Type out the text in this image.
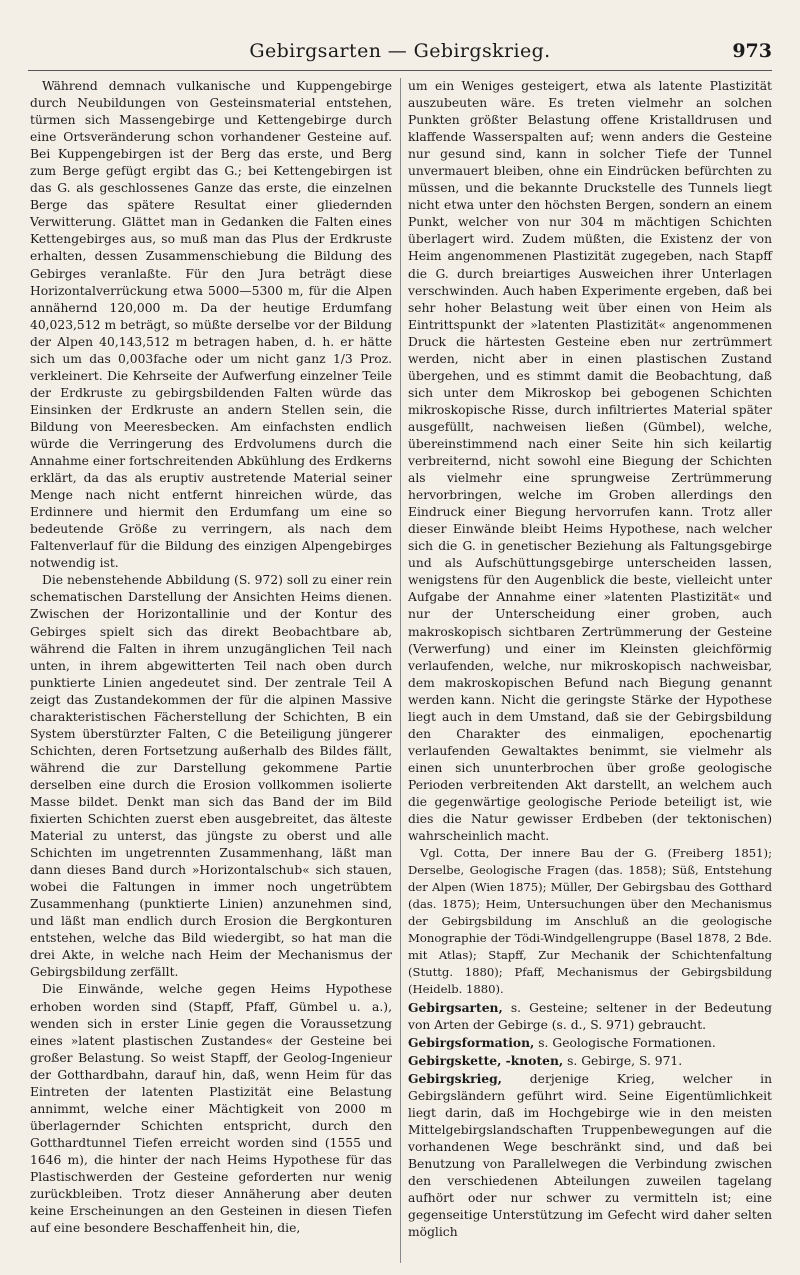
Gebirgsarten — Gebirgskrieg.	973

Während demnach vulkanische und Kuppengebirge durch Neubildungen von Gesteinsmaterial entstehen, türmen sich Massengebirge und Kettengebirge durch eine Ortsveränderung schon vorhandener Gesteine auf. Bei Kuppengebirgen ist der Berg das erste, und Berg zum Berge gefügt ergibt das G.; bei Kettengebirgen ist das G. als geschlossenes Ganze das erste, die einzelnen Berge das spätere Resultat einer gliedernden Verwitterung. Glättet man in Gedanken die Falten eines Kettengebirges aus, so muß man das Plus der Erdkruste erhalten, dessen Zusammenschiebung die Bildung des Gebirges veranlaßte. Für den Jura beträgt diese Horizontalverrückung etwa 5000—5300 m, für die Alpen annähernd 120,000 m. Da der heutige Erdumfang 40,023,512 m beträgt, so müßte derselbe vor der Bildung der Alpen 40,143,512 m betragen haben, d. h. er hätte sich um das 0,003fache oder um nicht ganz 1/3 Proz. verkleinert. Die Kehrseite der Aufwerfung einzelner Teile der Erdkruste zu gebirgsbildenden Falten würde das Einsinken der Erdkruste an andern Stellen sein, die Bildung von Meeresbecken. Am einfachsten endlich würde die Verringerung des Erdvolumens durch die Annahme einer fortschreitenden Abkühlung des Erdkerns erklärt, da das als eruptiv austretende Material seiner Menge nach nicht entfernt hinreichen würde, das Erdinnere und hiermit den Erdumfang um eine so bedeutende Größe zu verringern, als nach dem Faltenverlauf für die Bildung des einzigen Alpengebirges notwendig ist.

Die nebenstehende Abbildung (S. 972) soll zu einer rein schematischen Darstellung der Ansichten Heims dienen. Zwischen der Horizontallinie und der Kontur des Gebirges spielt sich das direkt Beobachtbare ab, während die Falten in ihrem unzugänglichen Teil nach unten, in ihrem abgewitterten Teil nach oben durch punktierte Linien angedeutet sind. Der zentrale Teil A zeigt das Zustandekommen der für die alpinen Massive charakteristischen Fächerstellung der Schichten, B ein System überstürzter Falten, C die Beteiligung jüngerer Schichten, deren Fortsetzung außerhalb des Bildes fällt, während die zur Darstellung gekommene Partie derselben eine durch die Erosion vollkommen isolierte Masse bildet. Denkt man sich das Band der im Bild fixierten Schichten zuerst eben ausgebreitet, das älteste Material zu unterst, das jüngste zu oberst und alle Schichten im ungetrennten Zusammenhang, läßt man dann dieses Band durch »Horizontalschub« sich stauen, wobei die Faltungen in immer noch ungetrübtem Zusammenhang (punktierte Linien) anzunehmen sind, und läßt man endlich durch Erosion die Bergkonturen entstehen, welche das Bild wiedergibt, so hat man die drei Akte, in welche nach Heim der Mechanismus der Gebirgsbildung zerfällt.

Die Einwände, welche gegen Heims Hypothese erhoben worden sind (Stapff, Pfaff, Gümbel u. a.), wenden sich in erster Linie gegen die Voraussetzung eines »latent plastischen Zustandes« der Gesteine bei großer Belastung. So weist Stapff, der Geolog-Ingenieur der Gotthardbahn, darauf hin, daß, wenn Heim für das Eintreten der latenten Plastizität eine Belastung annimmt, welche einer Mächtigkeit von 2000 m überlagernder Schichten entspricht, durch den Gotthardtunnel Tiefen erreicht worden sind (1555 und 1646 m), die hinter der nach Heims Hypothese für das Plastischwerden der Gesteine geforderten nur wenig zurückbleiben. Trotz dieser Annäherung aber deuten keine Erscheinungen an den Gesteinen in diesen Tiefen auf eine besondere Beschaffenheit hin, die,

um ein Weniges gesteigert, etwa als latente Plastizität auszubeuten wäre. Es treten vielmehr an solchen Punkten größter Belastung offene Kristalldrusen und klaffende Wasserspalten auf; wenn anders die Gesteine nur gesund sind, kann in solcher Tiefe der Tunnel unvermauert bleiben, ohne ein Eindrücken befürchten zu müssen, und die bekannte Druckstelle des Tunnels liegt nicht etwa unter den höchsten Bergen, sondern an einem Punkt, welcher von nur 304 m mächtigen Schichten überlagert wird. Zudem müßten, die Existenz der von Heim angenommenen Plastizität zugegeben, nach Stapff die G. durch breiartiges Ausweichen ihrer Unterlagen verschwinden. Auch haben Experimente ergeben, daß bei sehr hoher Belastung weit über einen von Heim als Eintrittspunkt der »latenten Plastizität« angenommenen Druck die härtesten Gesteine eben nur zertrümmert werden, nicht aber in einen plastischen Zustand übergehen, und es stimmt damit die Beobachtung, daß sich unter dem Mikroskop bei gebogenen Schichten mikroskopische Risse, durch infiltriertes Material später ausgefüllt, nachweisen ließen (Gümbel), welche, übereinstimmend nach einer Seite hin sich keilartig verbreiternd, nicht sowohl eine Biegung der Schichten als vielmehr eine sprungweise Zertrümmerung hervorbringen, welche im Groben allerdings den Eindruck einer Biegung hervorrufen kann. Trotz aller dieser Einwände bleibt Heims Hypothese, nach welcher sich die G. in genetischer Beziehung als Faltungsgebirge und als Aufschüttungsgebirge unterscheiden lassen, wenigstens für den Augenblick die beste, vielleicht unter Aufgabe der Annahme einer »latenten Plastizität« und nur der Unterscheidung einer groben, auch makroskopisch sichtbaren Zertrümmerung der Gesteine (Verwerfung) und einer im Kleinsten gleichförmig verlaufenden, welche, nur mikroskopisch nachweisbar, dem makroskopischen Befund nach Biegung genannt werden kann. Nicht die geringste Stärke der Hypothese liegt auch in dem Umstand, daß sie der Gebirgsbildung den Charakter des einmaligen, epochenartig verlaufenden Gewaltaktes benimmt, sie vielmehr als einen sich ununterbrochen über große geologische Perioden verbreitenden Akt darstellt, an welchem auch die gegenwärtige geologische Periode beteiligt ist, wie dies die Natur gewisser Erdbeben (der tektonischen) wahrscheinlich macht.

Vgl. Cotta, Der innere Bau der G. (Freiberg 1851); Derselbe, Geologische Fragen (das. 1858); Süß, Entstehung der Alpen (Wien 1875); Müller, Der Gebirgsbau des Gotthard (das. 1875); Heim, Untersuchungen über den Mechanismus der Gebirgsbildung im Anschluß an die geologische Monographie der Tödi-Windgellengruppe (Basel 1878, 2 Bde. mit Atlas); Stapff, Zur Mechanik der Schichtenfaltung (Stuttg. 1880); Pfaff, Mechanismus der Gebirgsbildung (Heidelb. 1880).

Gebirgsarten, s. Gesteine; seltener in der Bedeutung von Arten der Gebirge (s. d., S. 971) gebraucht.

Gebirgsformation, s. Geologische Formationen.

Gebirgskette, -knoten, s. Gebirge, S. 971.

Gebirgskrieg, derjenige Krieg, welcher in Gebirgsländern geführt wird. Seine Eigentümlichkeit liegt darin, daß im Hochgebirge wie in den meisten Mittelgebirgslandschaften Truppenbewegungen auf die vorhandenen Wege beschränkt sind, und daß bei Benutzung von Parallelwegen die Verbindung zwischen den verschiedenen Abteilungen zuweilen tagelang aufhört oder nur schwer zu vermitteln ist; eine gegenseitige Unterstützung im Gefecht wird daher selten möglich
